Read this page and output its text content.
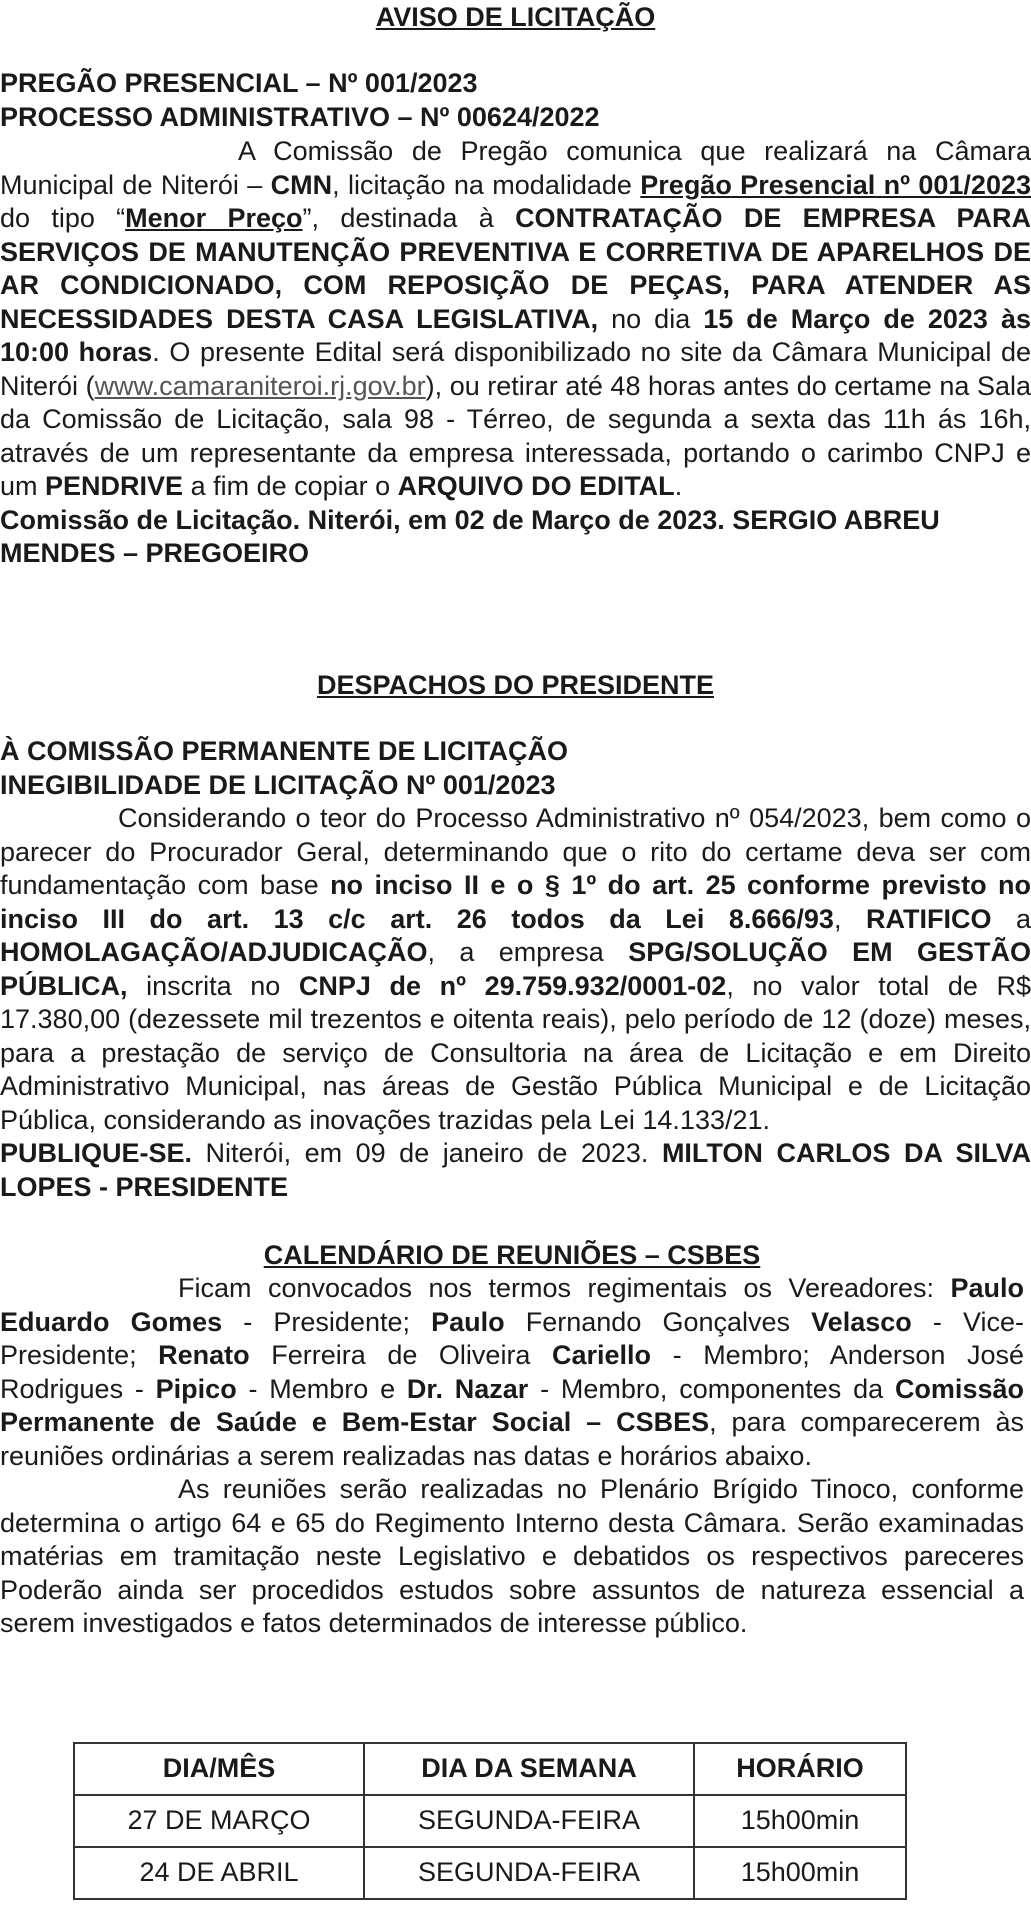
AVISO DE LICITAÇÃO
PREGÃO PRESENCIAL – Nº 001/2023
PROCESSO ADMINISTRATIVO – Nº 00624/2022

A Comissão de Pregão comunica que realizará na Câmara Municipal de Niterói – CMN, licitação na modalidade Pregão Presencial nº 001/2023 do tipo “Menor Preço”, destinada à CONTRATAÇÃO DE EMPRESA PARA SERVIÇOS DE MANUTENÇÃO PREVENTIVA E CORRETIVA DE APARELHOS DE AR CONDICIONADO, COM REPOSIÇÃO DE PEÇAS, PARA ATENDER AS NECESSIDADES DESTA CASA LEGISLATIVA, no dia 15 de Março de 2023 às 10:00 horas. O presente Edital será disponibilizado no site da Câmara Municipal de Niterói (www.camaraniteroi.rj.gov.br), ou retirar até 48 horas antes do certame na Sala da Comissão de Licitação, sala 98 - Térreo, de segunda a sexta das 11h ás 16h, através de um representante da empresa interessada, portando o carimbo CNPJ e um PENDRIVE a fim de copiar o ARQUIVO DO EDITAL.

Comissão de Licitação. Niterói, em 02 de Março de 2023. SERGIO ABREU MENDES – PREGOEIRO
DESPACHOS DO PRESIDENTE
À COMISSÃO PERMANENTE DE LICITAÇÃO
INEGIBILIDADE DE LICITAÇÃO Nº 001/2023

Considerando o teor do Processo Administrativo nº 054/2023, bem como o parecer do Procurador Geral, determinando que o rito do certame deva ser com fundamentação com base no inciso II e o § 1º do art. 25 conforme previsto no inciso III do art. 13 c/c art. 26 todos da Lei 8.666/93, RATIFICO a HOMOLAGAÇÃO/ADJUDICAÇÃO, a empresa SPG/SOLUÇÃO EM GESTÃO PÚBLICA, inscrita no CNPJ de nº 29.759.932/0001-02, no valor total de R$ 17.380,00 (dezessete mil trezentos e oitenta reais), pelo período de 12 (doze) meses, para a prestação de serviço de Consultoria na área de Licitação e em Direito Administrativo Municipal, nas áreas de Gestão Pública Municipal e de Licitação Pública, considerando as inovações trazidas pela Lei 14.133/21.

PUBLIQUE-SE. Niterói, em 09 de janeiro de 2023. MILTON CARLOS DA SILVA LOPES - PRESIDENTE

CALENDÁRIO DE REUNIÕES – CSBES

Ficam convocados nos termos regimentais os Vereadores: Paulo Eduardo Gomes - Presidente; Paulo Fernando Gonçalves Velasco - Vice-Presidente; Renato Ferreira de Oliveira Cariello - Membro; Anderson José Rodrigues - Pipico - Membro e Dr. Nazar - Membro, componentes da Comissão Permanente de Saúde e Bem-Estar Social – CSBES, para comparecerem às reuniões ordinárias a serem realizadas nas datas e horários abaixo.

As reuniões serão realizadas no Plenário Brígido Tinoco, conforme determina o artigo 64 e 65 do Regimento Interno desta Câmara. Serão examinadas matérias em tramitação neste Legislativo e debatidos os respectivos pareceres Poderão ainda ser procedidos estudos sobre assuntos de natureza essencial a serem investigados e fatos determinados de interesse público.

DIA/MÊS	DIA DA SEMANA	HORÁRIO
27 DE MARÇO	SEGUNDA-FEIRA	15h00min
24 DE ABRIL	SEGUNDA-FEIRA	15h00min
